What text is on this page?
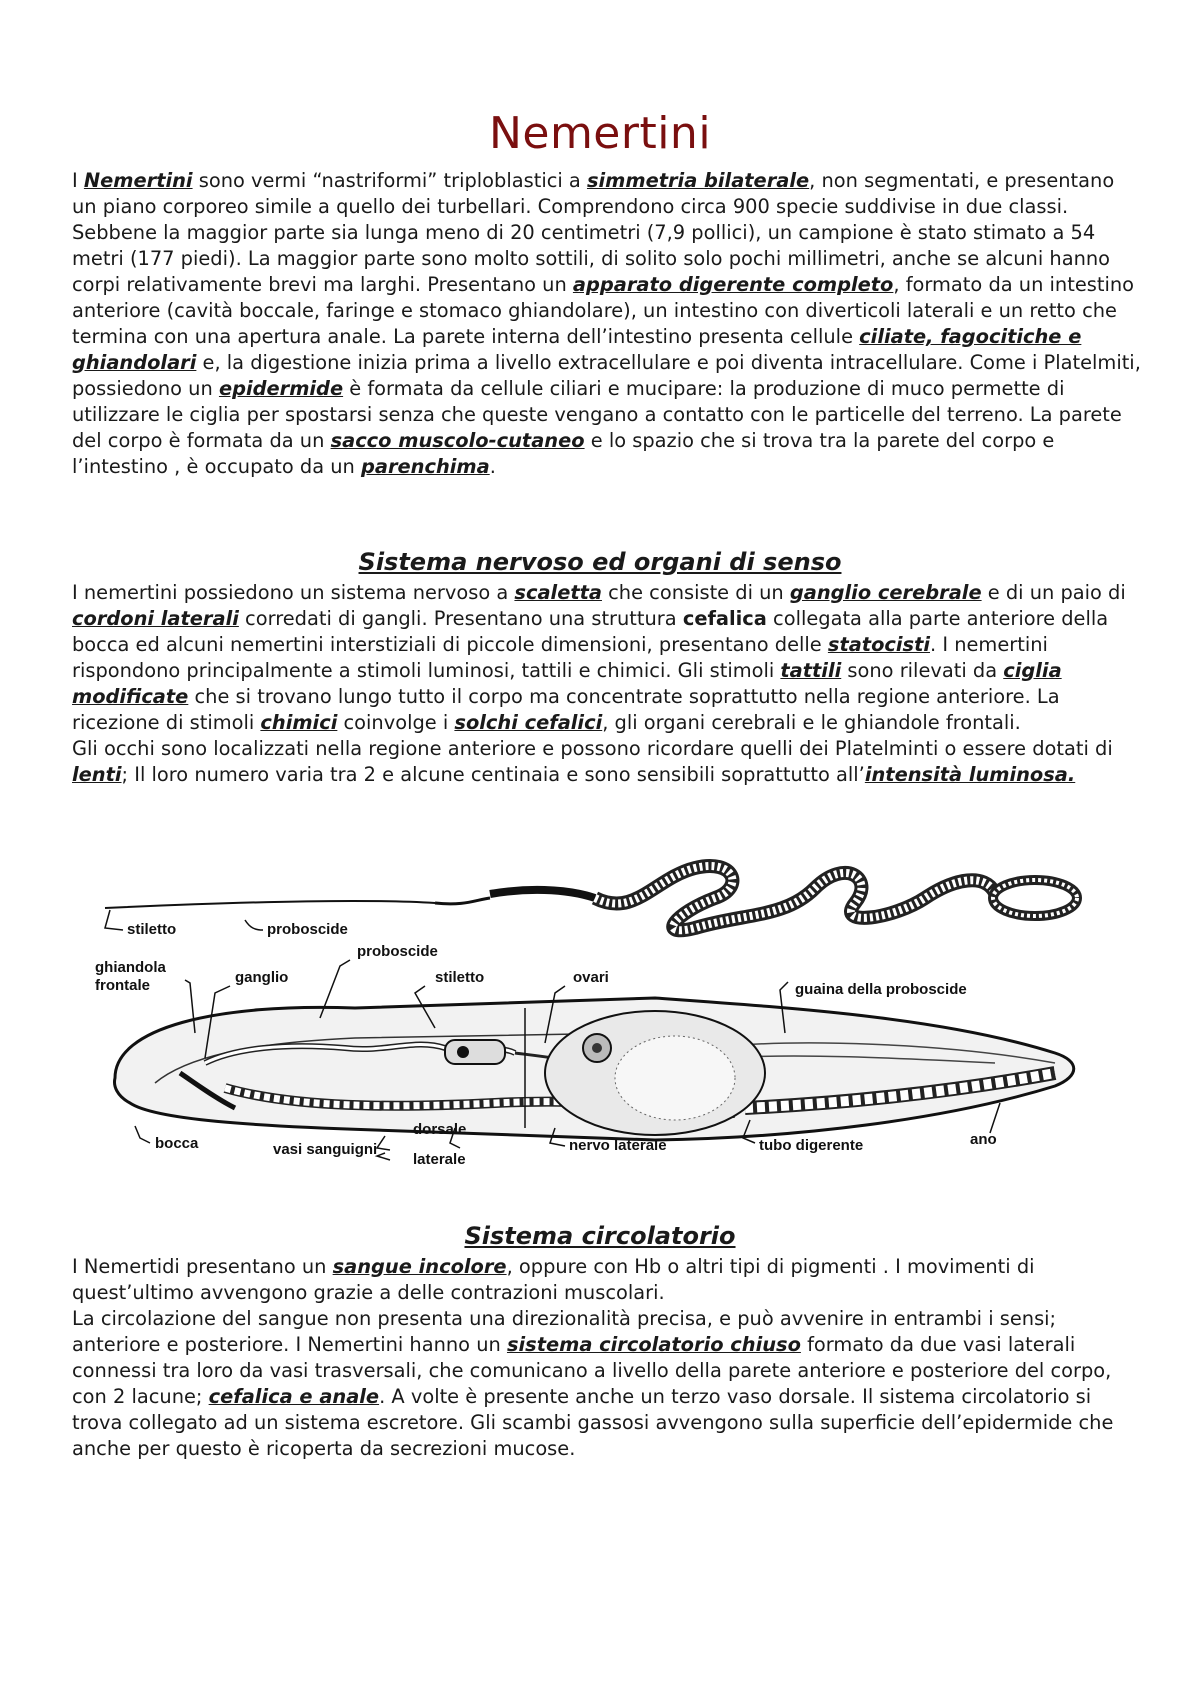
Nemertini

I Nemertini sono vermi “nastriformi” triploblastici a simmetria bilaterale, non segmentati, e presentano un piano corporeo simile a quello dei turbellari. Comprendono circa 900 specie suddivise in due classi. Sebbene la maggior parte sia lunga meno di 20 centimetri (7,9 pollici), un campione è stato stimato a 54 metri (177 piedi). La maggior parte sono molto sottili, di solito solo pochi millimetri, anche se alcuni hanno corpi relativamente brevi ma larghi. Presentano un apparato digerente completo, formato da un intestino anteriore (cavità boccale, faringe e stomaco ghiandolare), un intestino con diverticoli laterali e un retto che termina con una apertura anale. La parete interna dell’intestino presenta cellule ciliate, fagocitiche e ghiandolari e, la digestione inizia prima a livello extracellulare e poi diventa intracellulare. Come i Platelmiti, possiedono un epidermide è formata da cellule ciliari e mucipare: la produzione di muco permette di utilizzare le ciglia per spostarsi senza che queste vengano a contatto con le particelle del terreno. La parete del corpo è formata da un sacco muscolo-cutaneo e lo spazio che si trova tra la parete del corpo e l’intestino , è occupato da un parenchima.

Sistema nervoso ed organi di senso

I nemertini possiedono un sistema nervoso a scaletta che consiste di un ganglio cerebrale e di un paio di cordoni laterali corredati di gangli. Presentano una struttura cefalica collegata alla parte anteriore della bocca ed alcuni nemertini interstiziali di piccole dimensioni, presentano delle statocisti. I nemertini rispondono principalmente a stimoli luminosi, tattili e chimici. Gli stimoli tattili sono rilevati da ciglia modificate che si trovano lungo tutto il corpo ma concentrate soprattutto nella regione anteriore. La ricezione di stimoli chimici coinvolge i solchi cefalici, gli organi cerebrali e le ghiandole frontali.
Gli occhi sono localizzati nella regione anteriore e possono ricordare quelli dei Platelminti o essere dotati di lenti; Il loro numero varia tra 2 e alcune centinaia e sono sensibili soprattutto all’intensità luminosa.

stiletto	proboscide
ghiandola
frontale	ganglio
proboscide
stiletto	ovari
guaina della proboscide
bocca	vasi sanguigni
dorsale
laterale
nervo laterale	tubo digerente	ano
Sistema circolatorio

I Nemertidi presentano un sangue incolore, oppure con Hb o altri tipi di pigmenti . I movimenti di quest’ultimo avvengono grazie a delle contrazioni muscolari.
La circolazione del sangue non presenta una direzionalità precisa, e può avvenire in entrambi i sensi; anteriore e posteriore. I Nemertini hanno un sistema circolatorio chiuso formato da due vasi laterali connessi tra loro da vasi trasversali, che comunicano a livello della parete anteriore e posteriore del corpo, con 2 lacune; cefalica e anale. A volte è presente anche un terzo vaso dorsale. Il sistema circolatorio si trova collegato ad un sistema escretore. Gli scambi gassosi avvengono sulla superficie dell’epidermide che anche per questo è ricoperta da secrezioni mucose.
